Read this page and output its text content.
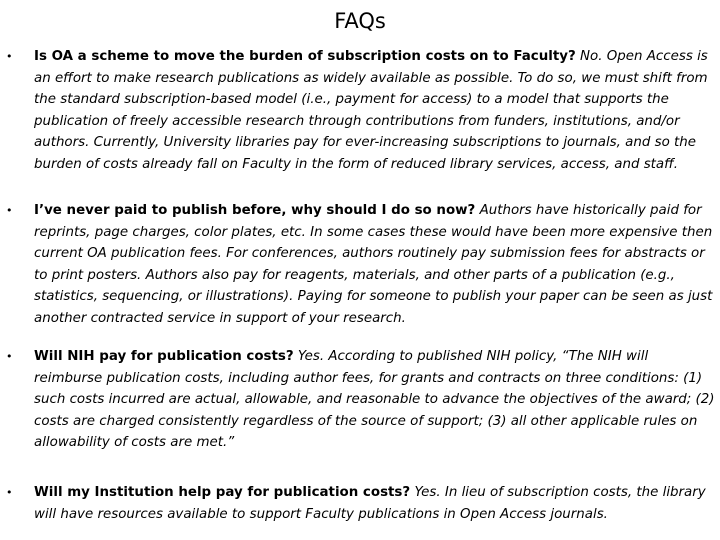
FAQs
• Is OA a scheme to move the burden of subscription costs on to Faculty? No. Open Access is an effort to make research publications as widely available as possible. To do so, we must shift from the standard subscription-based model (i.e., payment for access) to a model that supports the publication of freely accessible research through contributions from funders, institutions, and/or authors. Currently, University libraries pay for ever-increasing subscriptions to journals, and so the burden of costs already fall on Faculty in the form of reduced library services, access, and staff.
• I’ve never paid to publish before, why should I do so now? Authors have historically paid for reprints, page charges, color plates, etc. In some cases these would have been more expensive then current OA publication fees. For conferences, authors routinely pay submission fees for abstracts or to print posters. Authors also pay for reagents, materials, and other parts of a publication (e.g., statistics, sequencing, or illustrations). Paying for someone to publish your paper can be seen as just another contracted service in support of your research.
• Will NIH pay for publication costs? Yes. According to published NIH policy, “The NIH will reimburse publication costs, including author fees, for grants and contracts on three conditions: (1) such costs incurred are actual, allowable, and reasonable to advance the objectives of the award; (2) costs are charged consistently regardless of the source of support; (3) all other applicable rules on allowability of costs are met.”
• Will my Institution help pay for publication costs? Yes. In lieu of subscription costs, the library will have resources available to support Faculty publications in Open Access journals.
